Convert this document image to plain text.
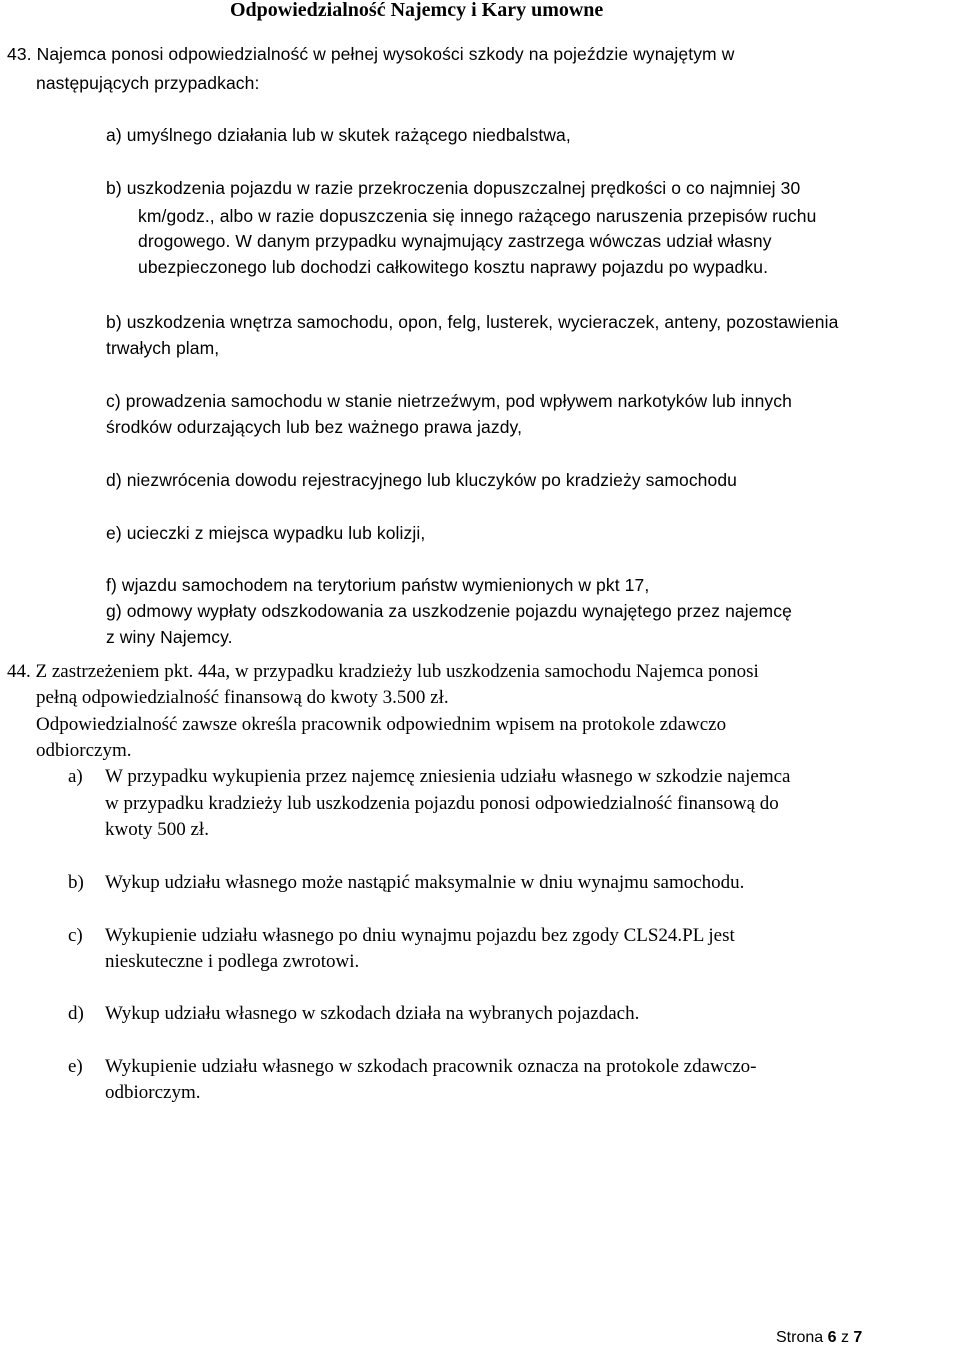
Odpowiedzialność Najemcy i Kary umowne

43. Najemca ponosi odpowiedzialność w pełnej wysokości szkody na pojeździe wynajętym w

następujących przypadkach:

a) umyślnego działania lub w skutek rażącego niedbalstwa,

b) uszkodzenia pojazdu w razie przekroczenia dopuszczalnej prędkości o co najmniej 30

km/godz., albo w razie dopuszczenia się innego rażącego naruszenia przepisów ruchu

drogowego. W danym przypadku wynajmujący zastrzega wówczas udział własny

ubezpieczonego lub dochodzi całkowitego kosztu naprawy pojazdu po wypadku.

b) uszkodzenia wnętrza samochodu, opon, felg, lusterek, wycieraczek, anteny, pozostawienia

trwałych plam,

c) prowadzenia samochodu w stanie nietrzeźwym, pod wpływem narkotyków lub innych

środków odurzających lub bez ważnego prawa jazdy,

d) niezwrócenia dowodu rejestracyjnego lub kluczyków po kradzieży samochodu

e) ucieczki z miejsca wypadku lub kolizji,

f) wjazdu samochodem na terytorium państw wymienionych w pkt 17,

g) odmowy wypłaty odszkodowania za uszkodzenie pojazdu wynajętego przez najemcę

z winy Najemcy.

44. Z zastrzeżeniem pkt. 44a, w przypadku kradzieży lub uszkodzenia samochodu Najemca ponosi

pełną odpowiedzialność finansową do kwoty 3.500 zł.

Odpowiedzialność zawsze określa pracownik odpowiednim wpisem na protokole zdawczo

odbiorczym.

a) W przypadku wykupienia przez najemcę zniesienia udziału własnego w szkodzie najemca

w przypadku kradzieży lub uszkodzenia pojazdu ponosi odpowiedzialność finansową do

kwoty 500 zł.

b) Wykup udziału własnego może nastąpić maksymalnie w dniu wynajmu samochodu.

c) Wykupienie udziału własnego po dniu wynajmu pojazdu bez zgody CLS24.PL jest

nieskuteczne i podlega zwrotowi.

d) Wykup udziału własnego w szkodach działa na wybranych pojazdach.

e) Wykupienie udziału własnego w szkodach pracownik oznacza na protokole zdawczo-

odbiorczym.

Strona 6 z 7
